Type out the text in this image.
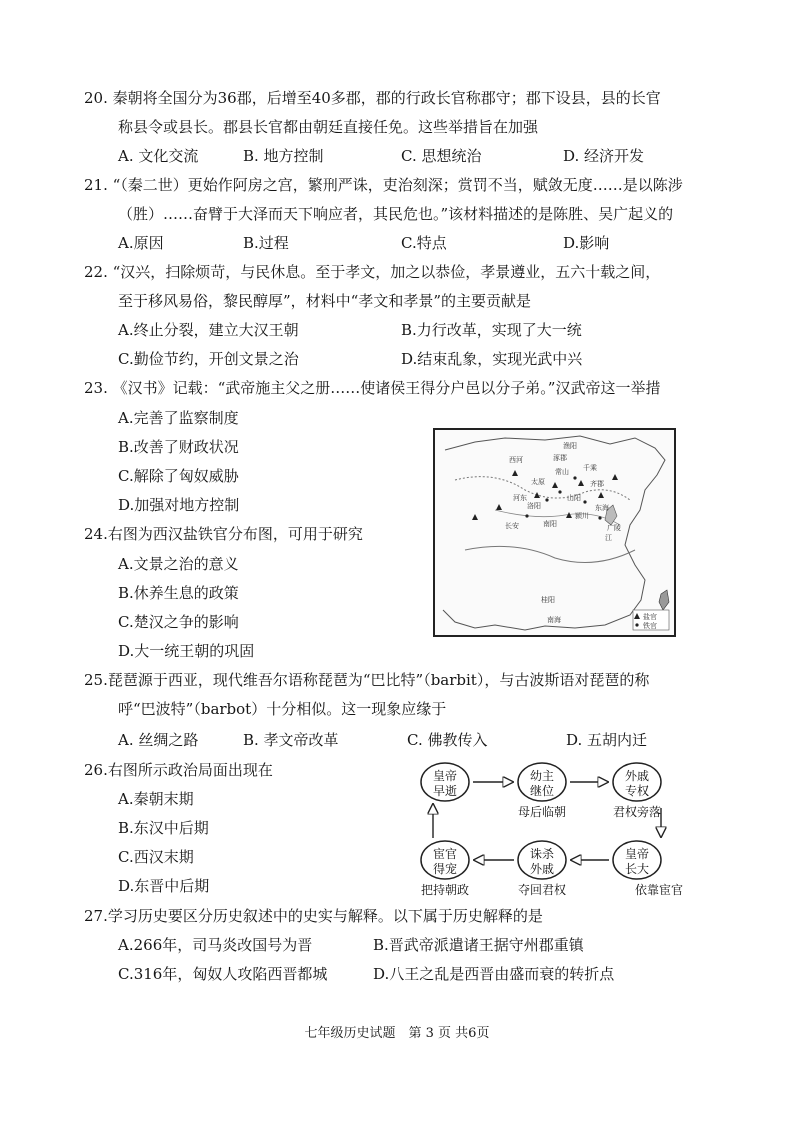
20. 秦朝将全国分为36郡，后增至40多郡，郡的行政长官称郡守；郡下设县，县的长官
称县令或县长。郡县长官都由朝廷直接任免。这些举措旨在加强
A. 文化交流	B. 地方控制	C. 思想统治	D. 经济开发
21. “（秦二世）更始作阿房之宫，繁刑严诛，吏治刻深；赏罚不当，赋敛无度……是以陈涉
（胜）……奋臂于大泽而天下响应者，其民危也。”该材料描述的是陈胜、吴广起义的
A.原因	B.过程	C.特点	D.影响
22. “汉兴，扫除烦苛，与民休息。至于孝文，加之以恭俭，孝景遵业，五六十载之间，
至于移风易俗，黎民醇厚”，材料中“孝文和孝景”的主要贡献是
A.终止分裂，建立大汉王朝	B.力行改革，实现了大一统
C.勤俭节约，开创文景之治	D.结束乱象，实现光武中兴
23. 《汉书》记载：“武帝施主父之册……使诸侯王得分户邑以分子弟。”汉武帝这一举措
A.完善了监察制度
B.改善了财政状况
C.解除了匈奴威胁
D.加强对地方控制
24.右图为西汉盐铁官分布图，可用于研究
A.文景之治的意义
B.休养生息的政策
C.楚汉之争的影响
D.大一统王朝的巩固
渔阳
西河
太原
涿郡
常山 千乘
河东
齐郡
洛阳
山阳
东海
长安	南阳
颍川
广陵
江
桂阳
南海	盐官
铁官
25.琵琶源于西亚，现代维吾尔语称琵琶为“巴比特”（barbit），与古波斯语对琵琶的称
呼“巴波特”（barbot）十分相似。这一现象应缘于
A. 丝绸之路	B. 孝文帝改革	C. 佛教传入	D. 五胡内迁
26.右图所示政治局面出现在
A.秦朝末期
B.东汉中后期
C.西汉末期
D.东晋中后期
皇帝
早逝
幼主
继位
外戚
专权
皇帝
长大
诛杀
外戚
宦官
得宠
母后临朝	君权旁落
依靠宦官
夺回君权
把持朝政
27.学习历史要区分历史叙述中的史实与解释。以下属于历史解释的是
A.266年，司马炎改国号为晋	B.晋武帝派遣诸王据守州郡重镇
C.316年，匈奴人攻陷西晋都城	D.八王之乱是西晋由盛而衰的转折点
七年级历史试题　第 3 页 共6页
